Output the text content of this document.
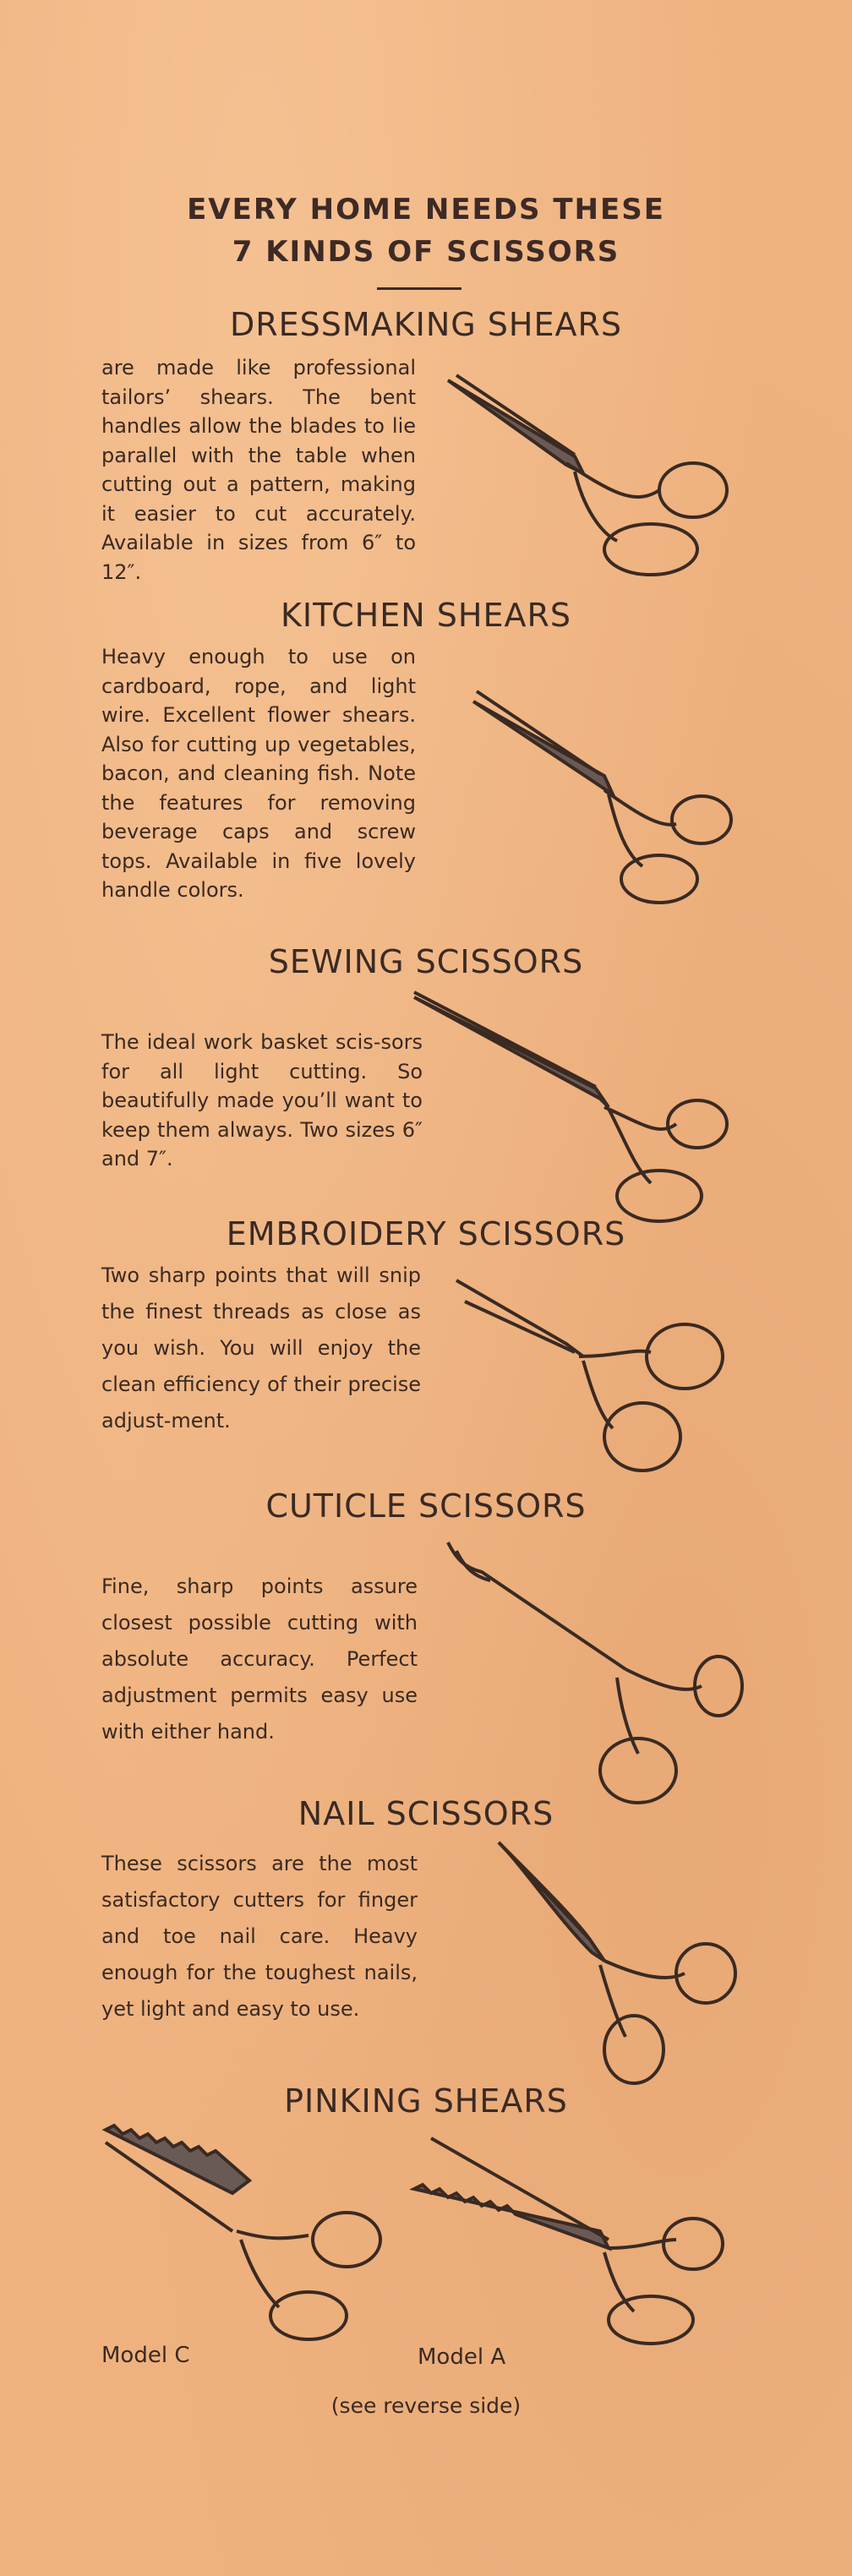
EVERY HOME NEEDS THESE
7 KINDS OF SCISSORS
DRESSMAKING SHEARS

are made like professional tailors’ shears. The bent handles allow the blades to lie parallel with the table when cutting out a pattern, making it easier to cut accurately. Available in sizes from 6″ to 12″.

KITCHEN SHEARS

Heavy enough to use on cardboard, rope, and light wire. Excellent flower shears. Also for cutting up vegetables, bacon, and cleaning fish. Note the features for removing beverage caps and screw tops. Available in five lovely handle colors.

SEWING SCISSORS

The ideal work basket scis-sors for all light cutting. So beautifully made you’ll want to keep them always. Two sizes 6″ and 7″.

EMBROIDERY SCISSORS

Two sharp points that will snip the finest threads as close as you wish. You will enjoy the clean efficiency of their precise adjust-ment.

CUTICLE SCISSORS

Fine, sharp points assure closest possible cutting with absolute accuracy. Perfect adjustment permits easy use with either hand.

NAIL SCISSORS

These scissors are the most satisfactory cutters for finger and toe nail care. Heavy enough for the toughest nails, yet light and easy to use.

PINKING SHEARS

Model C	Model A

(see reverse side)
